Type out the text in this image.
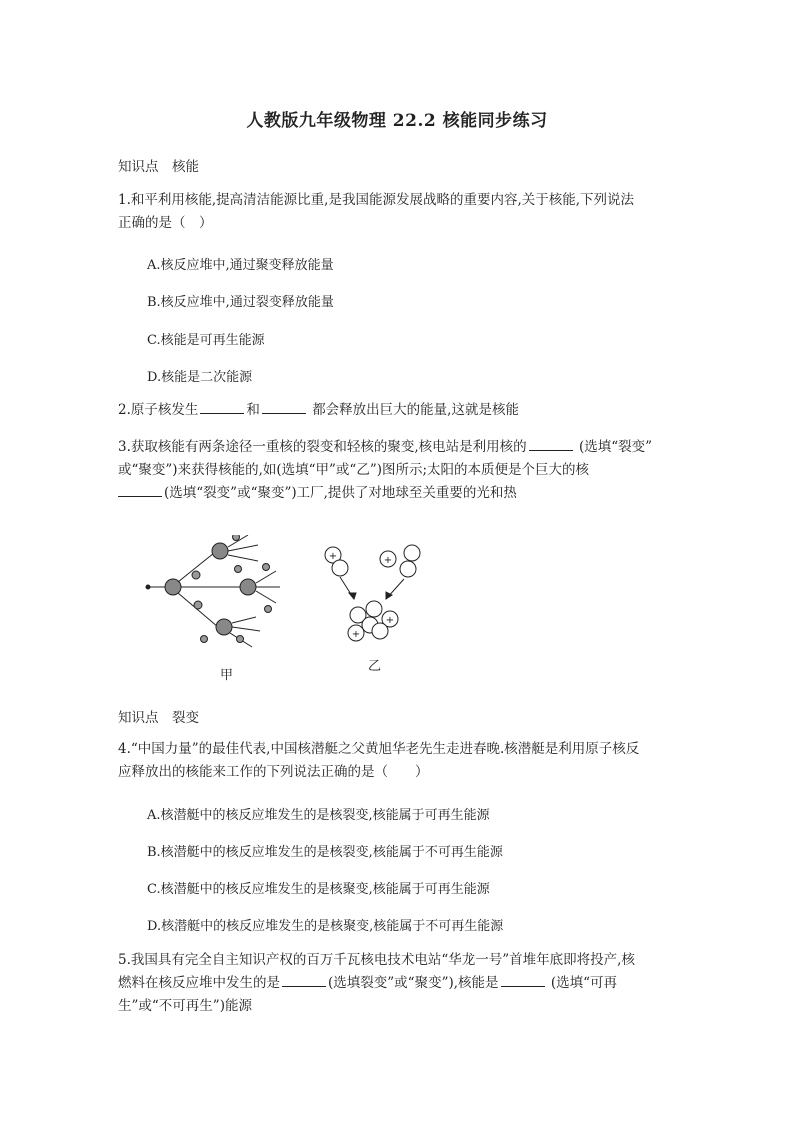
人教版九年级物理 22.2 核能同步练习
知识点　核能
1.和平利用核能,提高清洁能源比重,是我国能源发展战略的重要内容,关于核能,下列说法
正确的是（　）
A.核反应堆中,通过聚变释放能量
B.核反应堆中,通过裂变释放能量
C.核能是可再生能源
D.核能是二次能源
2.原子核发生	和	都会释放出巨大的能量,这就是核能
3.获取核能有两条途径一重核的裂变和轻核的聚变,核电站是利用核的	(选填“裂变”
或“聚变”)来获得核能的,如(选填“甲”或“乙”)图所示;太阳的本质便是个巨大的核
(选填“裂变”或“聚变”)工厂,提供了对地球至关重要的光和热
+	+
+
+
甲
乙
知识点　裂变
4.“中国力量”的最佳代表,中国核潜艇之父黄旭华老先生走进春晚.核潜艇是利用原子核反
应释放出的核能来工作的下列说法正确的是（　　）
A.核潜艇中的核反应堆发生的是核裂变,核能属于可再生能源
B.核潜艇中的核反应堆发生的是核裂变,核能属于不可再生能源
C.核潜艇中的核反应堆发生的是核聚变,核能属于可再生能源
D.核潜艇中的核反应堆发生的是核聚变,核能属于不可再生能源
5.我国具有完全自主知识产权的百万千瓦核电技术电站“华龙一号”首堆年底即将投产,核
燃料在核反应堆中发生的是	(选填裂变”或“聚变”),核能是	(选填“可再
生”或“不可再生”)能源
